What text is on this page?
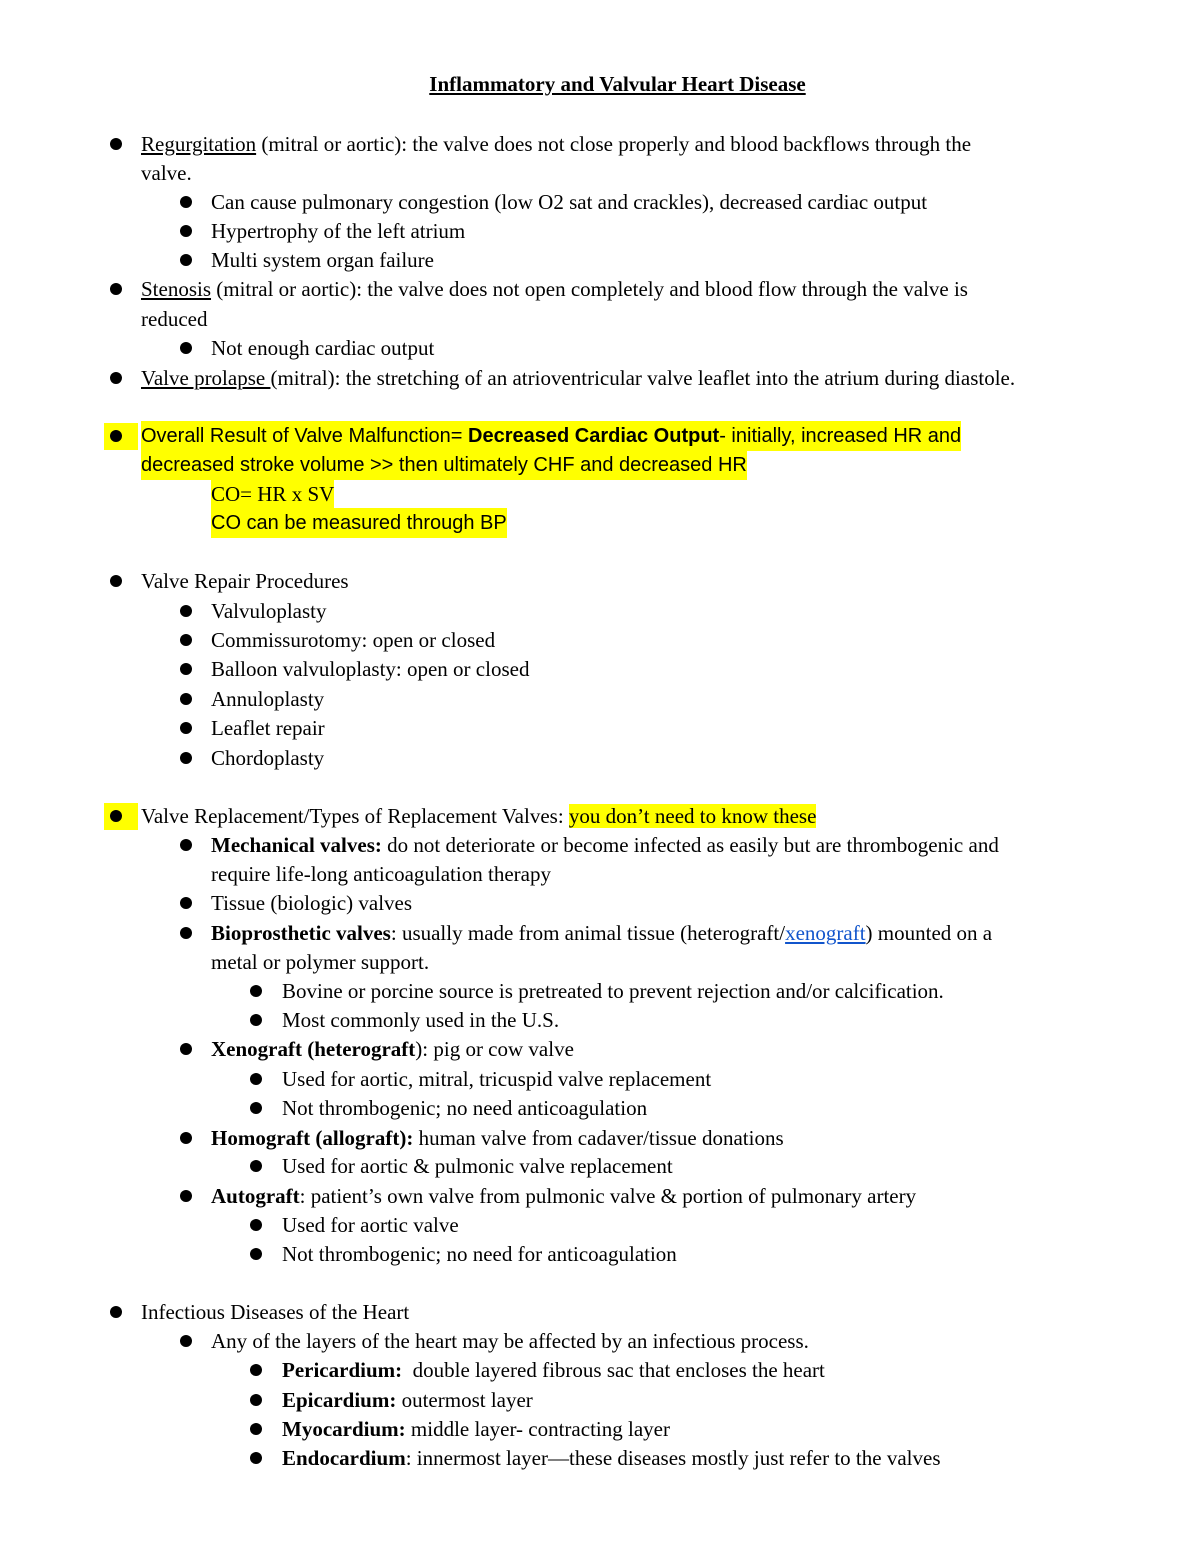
Inflammatory and Valvular Heart Disease
Regurgitation (mitral or aortic): the valve does not close properly and blood backflows through the
valve.
Can cause pulmonary congestion (low O2 sat and crackles), decreased cardiac output
Hypertrophy of the left atrium
Multi system organ failure
Stenosis (mitral or aortic): the valve does not open completely and blood flow through the valve is
reduced
Not enough cardiac output
Valve prolapse (mitral): the stretching of an atrioventricular valve leaflet into the atrium during diastole.
Overall Result of Valve Malfunction= Decreased Cardiac Output- initially, increased HR and
decreased stroke volume >> then ultimately CHF and decreased HR
CO= HR x SV
CO can be measured through BP
Valve Repair Procedures
Valvuloplasty
Commissurotomy: open or closed
Balloon valvuloplasty: open or closed
Annuloplasty
Leaflet repair
Chordoplasty
Valve Replacement/Types of Replacement Valves: you don’t need to know these
Mechanical valves: do not deteriorate or become infected as easily but are thrombogenic and
require life-long anticoagulation therapy
Tissue (biologic) valves
Bioprosthetic valves: usually made from animal tissue (heterograft/xenograft) mounted on a
metal or polymer support.
Bovine or porcine source is pretreated to prevent rejection and/or calcification.
Most commonly used in the U.S.
Xenograft (heterograft): pig or cow valve
Used for aortic, mitral, tricuspid valve replacement
Not thrombogenic; no need anticoagulation
Homograft (allograft): human valve from cadaver/tissue donations
Used for aortic & pulmonic valve replacement
Autograft: patient’s own valve from pulmonic valve & portion of pulmonary artery
Used for aortic valve
Not thrombogenic; no need for anticoagulation
Infectious Diseases of the Heart
Any of the layers of the heart may be affected by an infectious process.
Pericardium:  double layered fibrous sac that encloses the heart
Epicardium: outermost layer
Myocardium: middle layer- contracting layer
Endocardium: innermost layer—these diseases mostly just refer to the valves
